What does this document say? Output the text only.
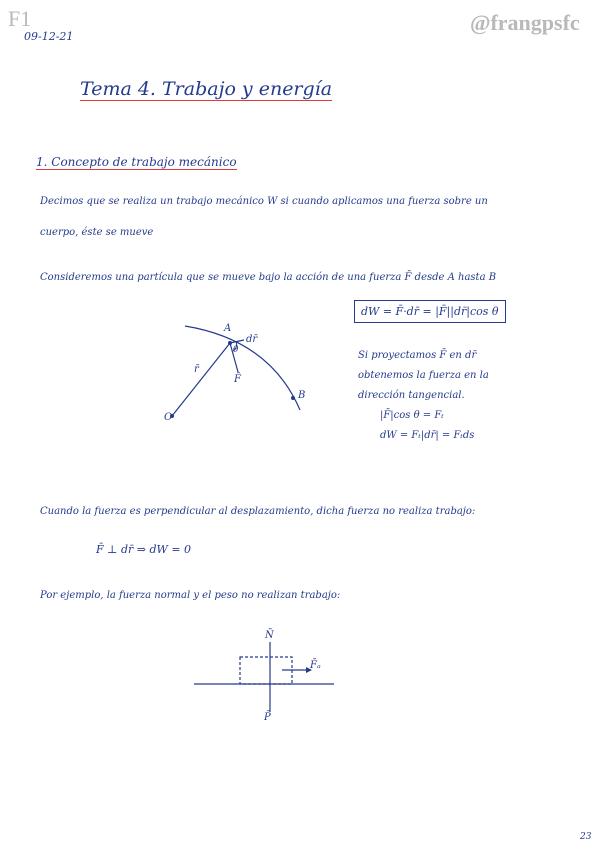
F1	@frangpsfc
09-12-21
Tema 4. Trabajo y energía
1. Concepto de trabajo mecánico
Decimos que se realiza un trabajo mecánico W si cuando aplicamos una fuerza sobre un
cuerpo, éste se mueve
Consideremos una partícula que se mueve bajo la acción de una fuerza F̄ desde A hasta B
dW = F̄·dr̄ = |F̄||dr̄|cos θ
Si proyectamos F̄ en dr̄
obtenemos la fuerza en la
dirección tangencial.
|F̄|cos θ = Fₜ
dW = Fₜ|dr̄| = Fₜds
A
B
O
dr̄
θ
F̄
r̄
Cuando la fuerza es perpendicular al desplazamiento, dicha fuerza no realiza trabajo:
F̄ ⊥ dr̄ ⇒ dW = 0
Por ejemplo, la fuerza normal y el peso no realizan trabajo:
N̄
F̄ₐ
P̄
23
